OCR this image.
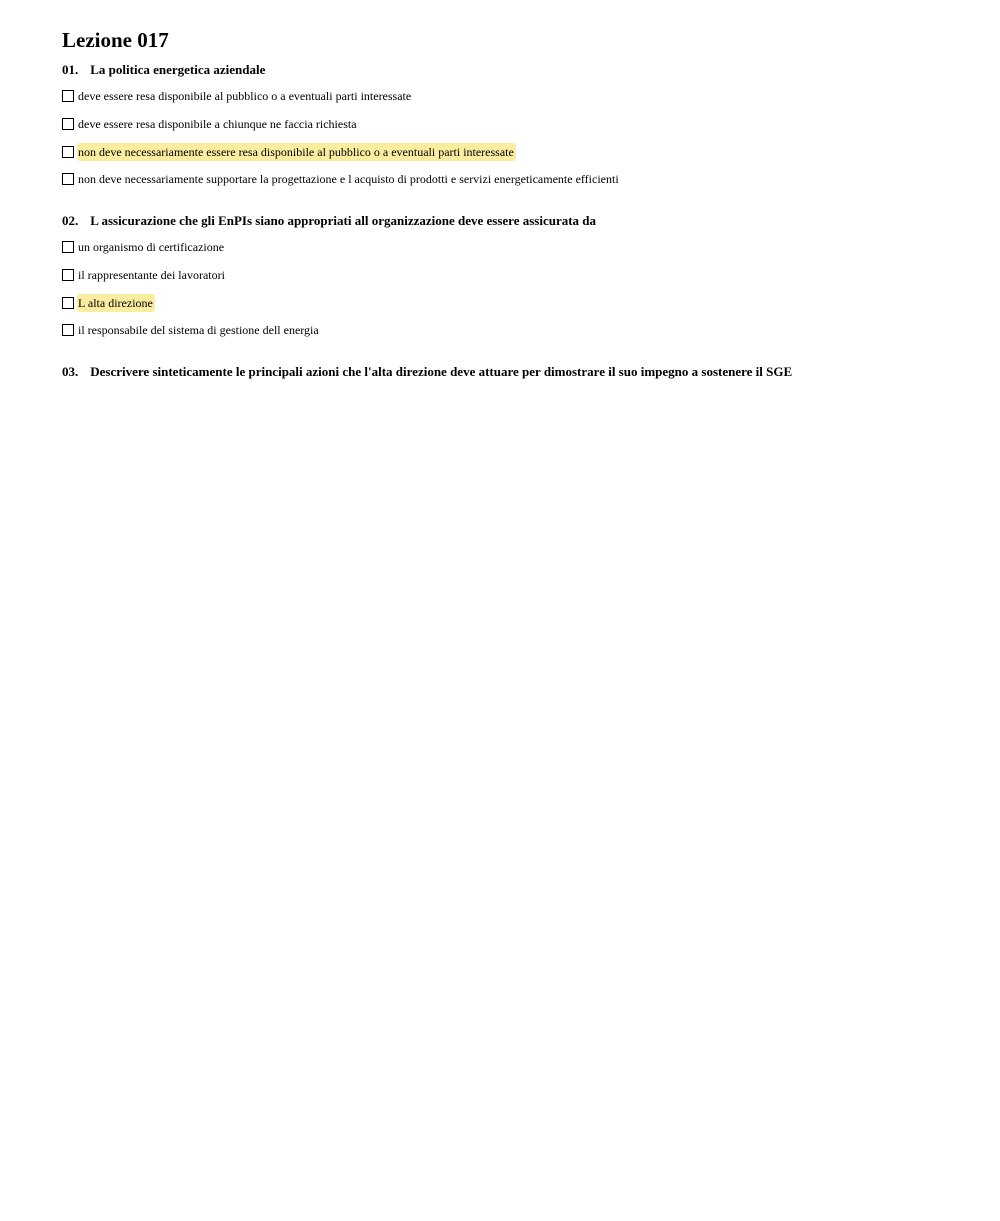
Lezione 017
01. La politica energetica aziendale
deve essere resa disponibile al pubblico o a eventuali parti interessate
deve essere resa disponibile a chiunque ne faccia richiesta
non deve necessariamente essere resa disponibile al pubblico o a eventuali parti interessate
non deve necessariamente supportare la progettazione e l acquisto di prodotti e servizi energeticamente efficienti
02. L assicurazione che gli EnPIs siano appropriati all organizzazione deve essere assicurata da
un organismo di certificazione
il rappresentante dei lavoratori
L alta direzione
il responsabile del sistema di gestione dell energia
03. Descrivere sinteticamente le principali azioni che l'alta direzione deve attuare per dimostrare il suo impegno a sostenere il SGE
